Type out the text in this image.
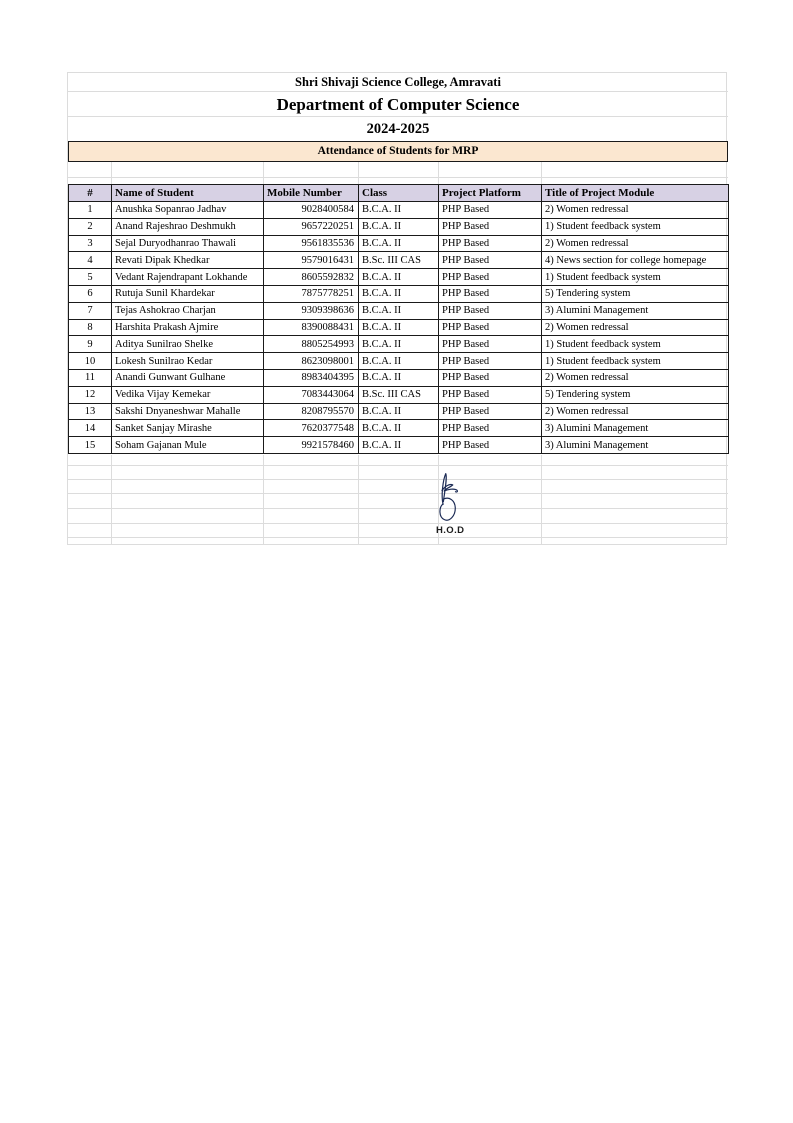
Shri Shivaji Science College, Amravati
Department of Computer Science
2024-2025
Attendance of Students for MRP
#	Name of Student	Mobile Number	Class	Project Platform	Title of Project Module
1	Anushka Sopanrao Jadhav	9028400584	B.C.A. II	PHP Based	2) Women redressal
2	Anand Rajeshrao Deshmukh	9657220251	B.C.A. II	PHP Based	1) Student feedback system
3	Sejal Duryodhanrao Thawali	9561835536	B.C.A. II	PHP Based	2) Women redressal
4	Revati Dipak Khedkar	9579016431	B.Sc. III CAS	PHP Based	4) News section for college homepage
5	Vedant Rajendrapant Lokhande	8605592832	B.C.A. II	PHP Based	1) Student feedback system
6	Rutuja Sunil Khardekar	7875778251	B.C.A. II	PHP Based	5) Tendering system
7	Tejas Ashokrao Charjan	9309398636	B.C.A. II	PHP Based	3) Alumini Management
8	Harshita Prakash Ajmire	8390088431	B.C.A. II	PHP Based	2) Women redressal
9	Aditya Sunilrao Shelke	8805254993	B.C.A. II	PHP Based	1) Student feedback system
10	Lokesh Sunilrao Kedar	8623098001	B.C.A. II	PHP Based	1) Student feedback system
11	Anandi Gunwant Gulhane	8983404395	B.C.A. II	PHP Based	2) Women redressal
12	Vedika Vijay Kemekar	7083443064	B.Sc. III CAS	PHP Based	5) Tendering system
13	Sakshi Dnyaneshwar Mahalle	8208795570	B.C.A. II	PHP Based	2) Women redressal
14	Sanket Sanjay Mirashe	7620377548	B.C.A. II	PHP Based	3) Alumini Management
15	Soham Gajanan Mule	9921578460	B.C.A. II	PHP Based	3) Alumini Management
H.O.D
